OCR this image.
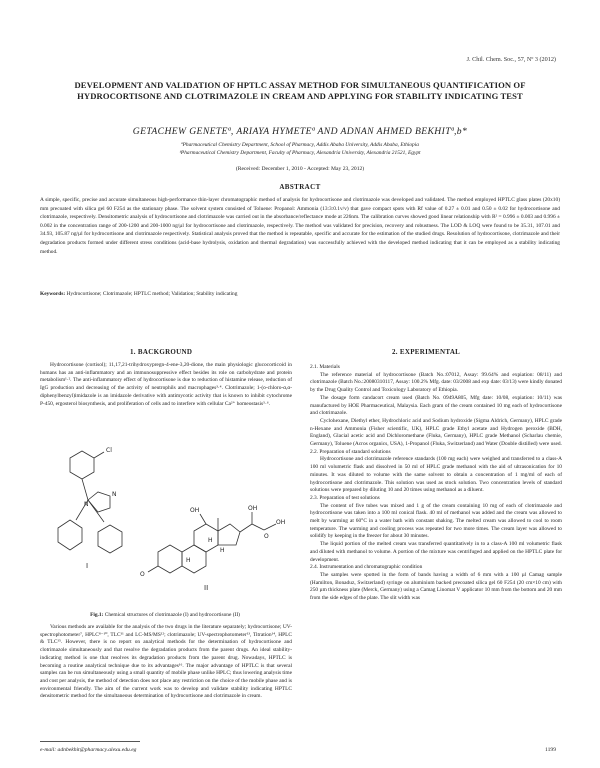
J. Chil. Chem. Soc., 57, Nº 3 (2012)
DEVELOPMENT AND VALIDATION OF HPTLC ASSAY METHOD FOR SIMULTANEOUS QUANTIFICATION OF HYDROCORTISONE AND CLOTRIMAZOLE IN CREAM AND APPLYING FOR STABILITY INDICATING TEST
GETACHEW GENETEª, ARIAYA HYMETEª AND ADNAN AHMED BEKHITª,b*
ªPharmaceutical Chemistry Department, School of Pharmacy, Addis Ababa University, Addis Ababa, Ethiopia
ᵇPharmaceutical Chemistry Department, Faculty of Pharmacy, Alexandria University, Alexandria 21521, Egypt
(Received: December 1, 2010 - Accepted: May 23, 2012)
ABSTRACT
A simple, specific, precise and accurate simultaneous high-performance thin-layer chromatographic method of analysis for hydrocortisone and clotrimazole was developed and validated. The method employed HPTLC glass plates (20x10) mm precoated with silica gel 60 F254 as the stationary phase. The solvent system consisted of Toluene: Propanol: Ammonia (13:3:0.1v/v) that gave compact spots with Rf value of 0.27 ± 0.01 and 0.50 ± 0.02 for hydrocortisone and clotrimazole, respectively. Densitometric analysis of hydrocortisone and clotrimazole was carried out in the absorbance/reflectance mode at 226nm. The calibration curves showed good linear relationship with R² = 0.996 ± 0.003 and 0.996 ± 0.002 in the concentration range of 200-1200 and 200-1000 ng/µl for hydrocortisone and clotrimazole, respectively. The method was validated for precision, recovery and robustness. The LOD & LOQ were found to be 35.31, 107.01 and 34.93, 105.87 ng/µl for hydrocortisone and clotrimazole respectively. Statistical analysis proved that the method is repeatable, specific and accurate for the estimation of the studied drugs. Resolution of hydrocortisone, clotrimazole and their degradation products formed under different stress conditions (acid-base hydrolysis, oxidation and thermal degradation) was successfully achieved with the developed method indicating that it can be employed as a stability indicating method.
Keywords: Hydrocortisone; Clotrimazole; HPTLC method; Validation; Stability indicating
1. BACKGROUND

Hydrocortisone (cortisol); 11,17,21-trihydroxypregn-4-ene-3,20-dione, the main physiologic glucocorticoid in humans has an anti-inflammatory and an immunosuppressive effect besides its role on carbohydrate and protein metabolism¹·². The anti-inflammatory effect of hydrocortisone is due to reduction of histamine release, reduction of IgG production and decreasing of the activity of neutrophils and macrophages³·⁴. Clotrimazole; 1-(o-chloro-α,α-diphenylbenzyl)imidazole is an imidazole derivative with antimycotic activity that is known to inhibit cytochrome P-450, ergosterol biosynthesis, and proliferation of cells and to interfere with cellular Ca²⁺ homeostasis⁵·⁶.

Cl
N
N
I
O
OH	OH
OH
H
H
H
O
II
Fig.1: Chemical structures of clotrimazole (I) and hydrocortisone (II)

Various methods are available for the analysis of the two drugs in the literature separately; hydrocortisone; UV-spectrophotometer⁷, HPLC⁸⁻¹⁰, TLC¹¹ and LC-MS/MS¹²; clotrimazole; UV-spectrophotometer¹³, Titration¹⁴, HPLC & TLC¹⁵. However, there is no report on analytical methods for the determination of hydrocortisone and clotrimazole simultaneously and that resolve the degradation products from the parent drugs. An ideal stability-indicating method is one that resolves its degradation products from the parent drug. Nowadays, HPTLC is becoming a routine analytical technique due to its advantages¹⁶. The major advantage of HPTLC is that several samples can be run simultaneously using a small quantity of mobile phase unlike HPLC; thus lowering analysis time and cost per analysis, the method of detection does not place any restriction on the choice of the mobile phase and is environmental friendly. The aim of the current work was to develop and validate stability indicating HPTLC densitometric method for the simultaneous determination of hydrocortisone and clotrimazole in cream.

2. EXPERIMENTAL

2.1. Materials

The reference material of hydrocortisone (Batch No.:07012, Assay: 99.64% and expiation: 08/11) and clotrimazole (Batch No.:20080310117, Assay: 100.2% Mfg. date: 03/2008 and exp date: 03/13) were kindly donated by the Drug Quality Control and Toxicology Laboratory of Ethiopia.

The dosage form candacort cream used (Batch No. 0949A805, Mfg date: 10/08, expiation: 10/11) was manufactured by HOE Pharmaceutical, Malaysia. Each gram of the cream contained 10 mg each of hydrocortisone and clotrimazole.

Cyclohexane, Diethyl ether, Hydrochloric acid and Sodium hydroxide (Sigma Aldrich, Germany), HPLC grade n-Hexane and Ammonia (Fisher scientific, UK), HPLC grade Ethyl acetate and Hydrogen peroxide (BDH, England), Glacial acetic acid and Dichloromethane (Fluka, Germany), HPLC grade Methanol (Scharlau chemie, Germany), Toluene (Acros organics, USA), 1-Propanol (Fluka, Switzerland) and Water (Double distilled) were used.

2.2. Preparation of standard solutions

Hydrocortisone and clotrimazole reference standards (100 mg each) were weighed and transferred to a class-A 100 ml volumetric flask and dissolved in 50 ml of HPLC grade methanol with the aid of ultrasonication for 10 minutes. It was diluted to volume with the same solvent to obtain a concentration of 1 mg/ml of each of hydrocortisone and clotrimazole. This solution was used as stock solution. Two concentration levels of standard solutions were prepared by diluting 10 and 20 times using methanol as a diluent.

2.3. Preparation of test solutions

The content of five tubes was mixed and 1 g of the cream containing 10 mg of each of clotrimazole and hydrocortisone was taken into a 100 ml conical flask. 40 ml of methanol was added and the cream was allowed to melt by warming at 60°C in a water bath with constant shaking. The melted cream was allowed to cool to room temperature. The warming and cooling process was repeated for two more times. The cream layer was allowed to solidify by keeping in the freezer for about 30 minutes.

The liquid portion of the melted cream was transferred quantitatively in to a class-A 100 ml volumetric flask and diluted with methanol to volume. A portion of the mixture was centrifuged and applied on the HPTLC plate for development.

2.4. Instrumentation and chromatographic condition

The samples were spotted in the form of bands having a width of 6 mm with a 100 µl Camag sample (Hamilton, Bonaduz, Switzerland) syringe on aluminium backed precoated silica gel 60 F254 (20 cm×10 cm) with 250 µm thickness plate (Merck, Germany) using a Camag Linomat V applicator 10 mm from the bottom and 20 mm from the side edges of the plate. The slit width was

e-mail: adnbekhit@pharmacy.alexu.edu.eg	1199
